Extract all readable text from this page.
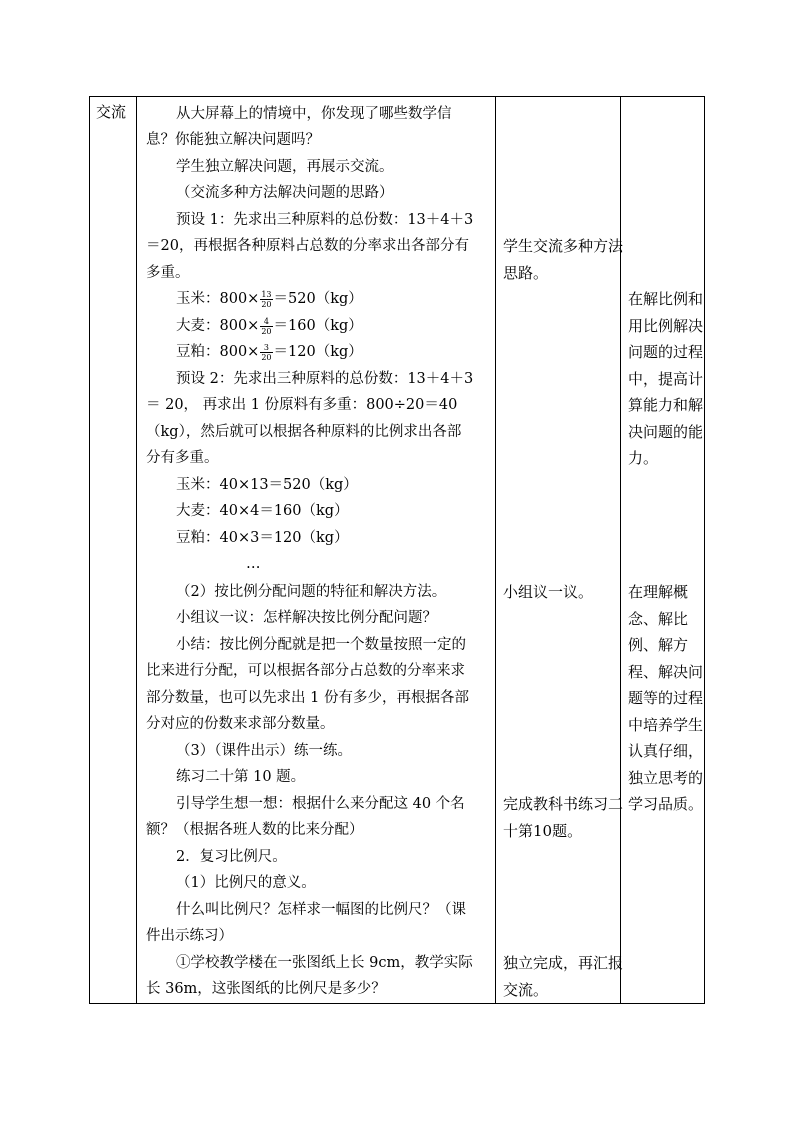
交流	从大屏幕上的情境中，你发现了哪些数学信
息？你能独立解决问题吗？
学生独立解决问题，再展示交流。
（交流多种方法解决问题的思路）
预设 1：先求出三种原料的总份数：13＋4＋3
＝20，再根据各种原料占总数的分率求出各部分有
多重。
玉米：$800\times \frac{13}{20} =520(kg)$
大麦：$800\times \frac{4}{20} =160(kg)$
豆粕：$800\times \frac{3}{20} =120(kg)$
预设 2：先求出三种原料的总份数：13＋4＋3
＝ 20， 再求出 1 份原料有多重：800÷20＝40
（kg），然后就可以根据各种原料的比例求出各部
分有多重。
玉米：40×13＝520（kg）
大麦：40×4＝160（kg）
豆粕：40×3＝120（kg）
…
（2）按比例分配问题的特征和解决方法。
小组议一议：怎样解决按比例分配问题？
小结：按比例分配就是把一个数量按照一定的
比来进行分配，可以根据各部分占总数的分率来求
部分数量，也可以先求出 1 份有多少，再根据各部
分对应的份数来求部分数量。
（3）（课件出示）练一练。
练习二十第 10 题。
引导学生想一想：根据什么来分配这 40 个名
额？（根据各班人数的比来分配）
2．复习比例尺。
（1）比例尺的意义。
什么叫比例尺？怎样求一幅图的比例尺？（课
件出示练习）
①学校教学楼在一张图纸上长 9cm，教学实际
长 36m，这张图纸的比例尺是多少？
学生交流多种方法思路。
小组议一议。
完成教科书练习二十第10题。
独立完成，再汇报交流。
在解比例和用比例解决问题的过程中，提高计算能力和解决问题的能力。
在理解概念、解比例、解方程、解决问题等的过程中培养学生认真仔细，独立思考的学习品质。
